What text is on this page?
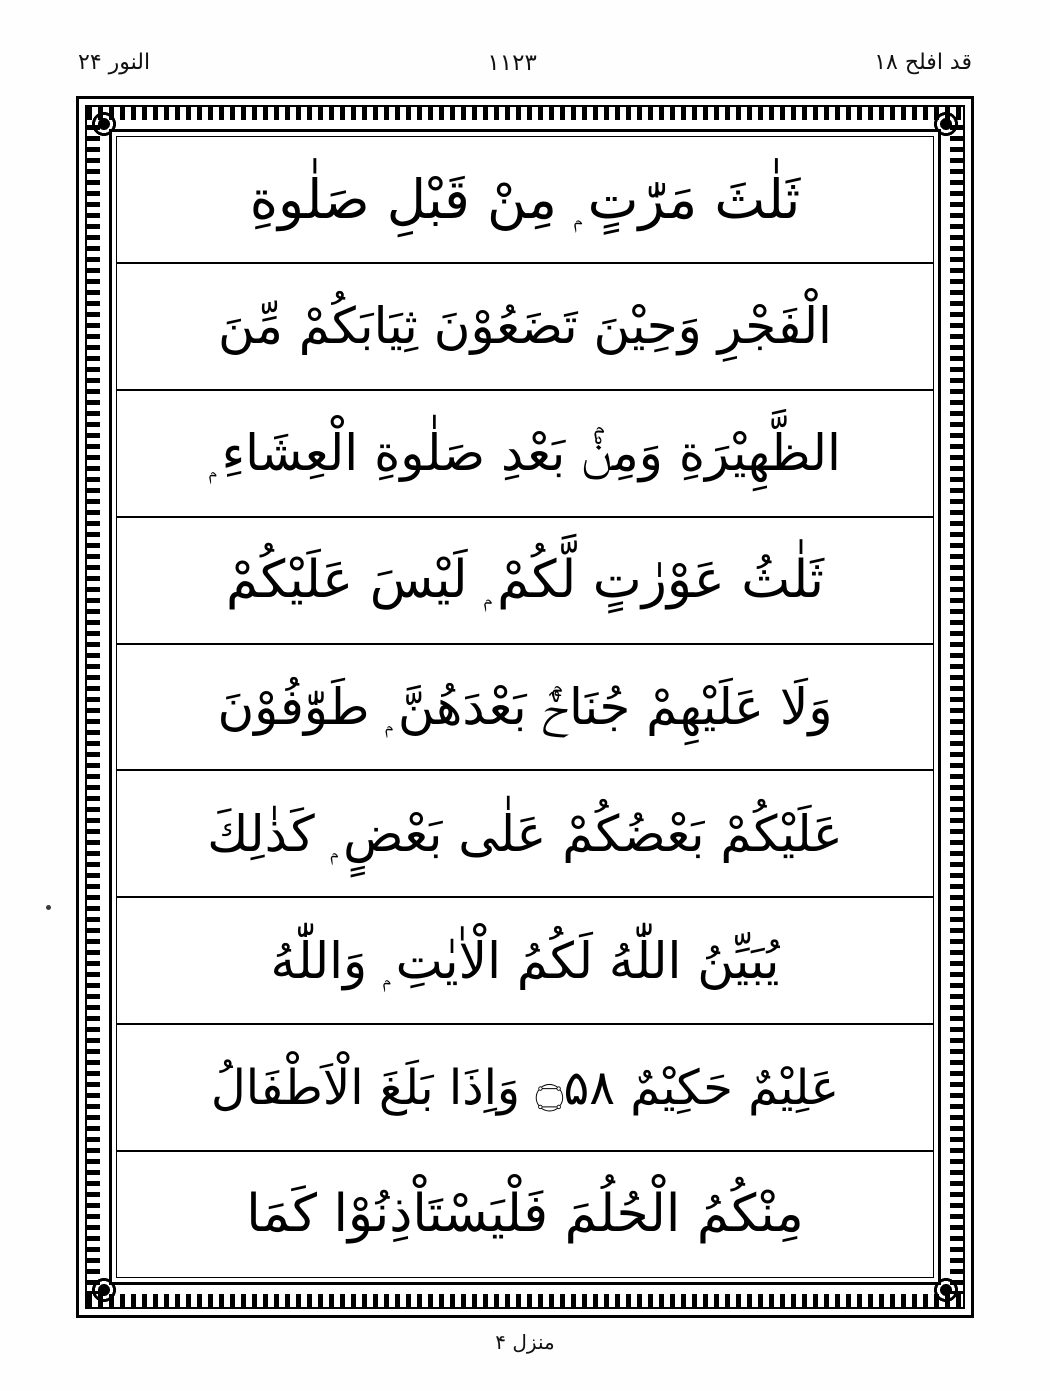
قد افلح ۱۸
۱۱۲۳
النور ۲۴
ثَلٰثَ مَرّٰتٍ ۭ مِنْ قَبْلِ صَلٰوةِ
الْفَجْرِ وَحِيْنَ تَضَعُوْنَ ثِيَابَكُمْ مِّنَ
الظَّهِيْرَةِ وَمِنْۢ بَعْدِ صَلٰوةِ الْعِشَاءِ ۭ
ثَلٰثُ عَوْرٰتٍ لَّكُمْ ۭ لَيْسَ عَلَيْكُمْ
وَلَا عَلَيْهِمْ جُنَاحٌۢ بَعْدَهُنَّ ۭ طَوّٰفُوْنَ
عَلَيْكُمْ بَعْضُكُمْ عَلٰى بَعْضٍ ۭ كَذٰلِكَ
يُبَيِّنُ اللّٰهُ لَكُمُ الْاٰيٰتِ ۭ وَاللّٰهُ
عَلِيْمٌ حَكِيْمٌ ۝۵۸ وَاِذَا بَلَغَ الْاَطْفَالُ
مِنْكُمُ الْحُلُمَ فَلْيَسْتَاْذِنُوْا كَمَا
منزل ۴
